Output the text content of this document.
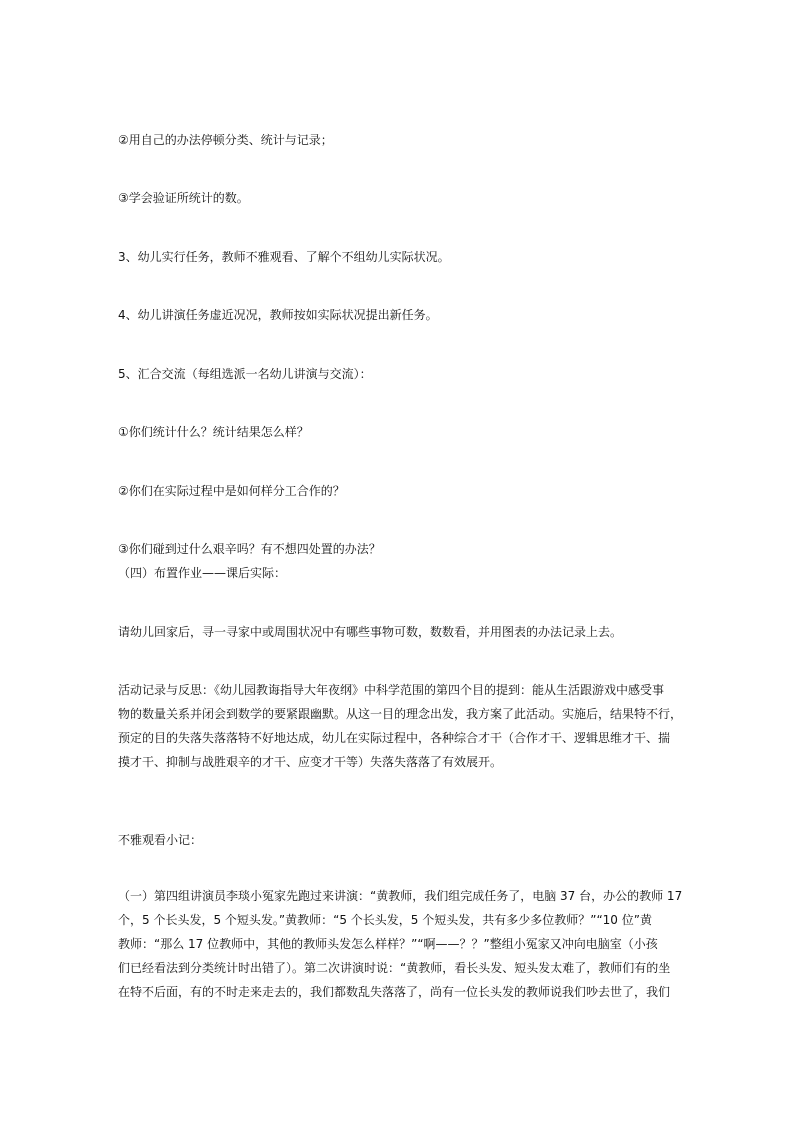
②用自己的办法停顿分类、统计与记录；
③学会验证所统计的数。
3、幼儿实行任务，教师不雅观看、了解个不组幼儿实际状况。
4、幼儿讲演任务虚近况况，教师按如实际状况提出新任务。
5、汇合交流（每组选派一名幼儿讲演与交流）：
①你们统计什么？统计结果怎么样？
②你们在实际过程中是如何样分工合作的？
③你们碰到过什么艰辛吗？有不想四处置的办法？
（四）布置作业——课后实际：
请幼儿回家后，寻一寻家中或周围状况中有哪些事物可数，数数看，并用图表的办法记录上去。
活动记录与反思：《幼儿园教诲指导大年夜纲》中科学范围的第四个目的提到：能从生活跟游戏中感受事
物的数量关系并闭会到数学的要紧跟幽默。从这一目的理念出发，我方案了此活动。实施后，结果特不行，
预定的目的失落失落落特不好地达成，幼儿在实际过程中，各种综合才干（合作才干、逻辑思维才干、揣
摸才干、抑制与战胜艰辛的才干、应变才干等）失落失落落了有效展开。
不雅观看小记：
（一）第四组讲演员李琰小冤家先跑过来讲演：“黄教师，我们组完成任务了，电脑 37 台，办公的教师 17
个，5 个长头发，5 个短头发。”黄教师：“5 个长头发，5 个短头发，共有多少多位教师？”“10 位”黄
教师：“那么 17 位教师中，其他的教师头发怎么样样？”“啊——？？”整组小冤家又冲向电脑室（小孩
们已经看法到分类统计时出错了）。第二次讲演时说：“黄教师，看长头发、短头发太难了，教师们有的坐
在特不后面，有的不时走来走去的，我们都数乱失落落了，尚有一位长头发的教师说我们吵去世了，我们
